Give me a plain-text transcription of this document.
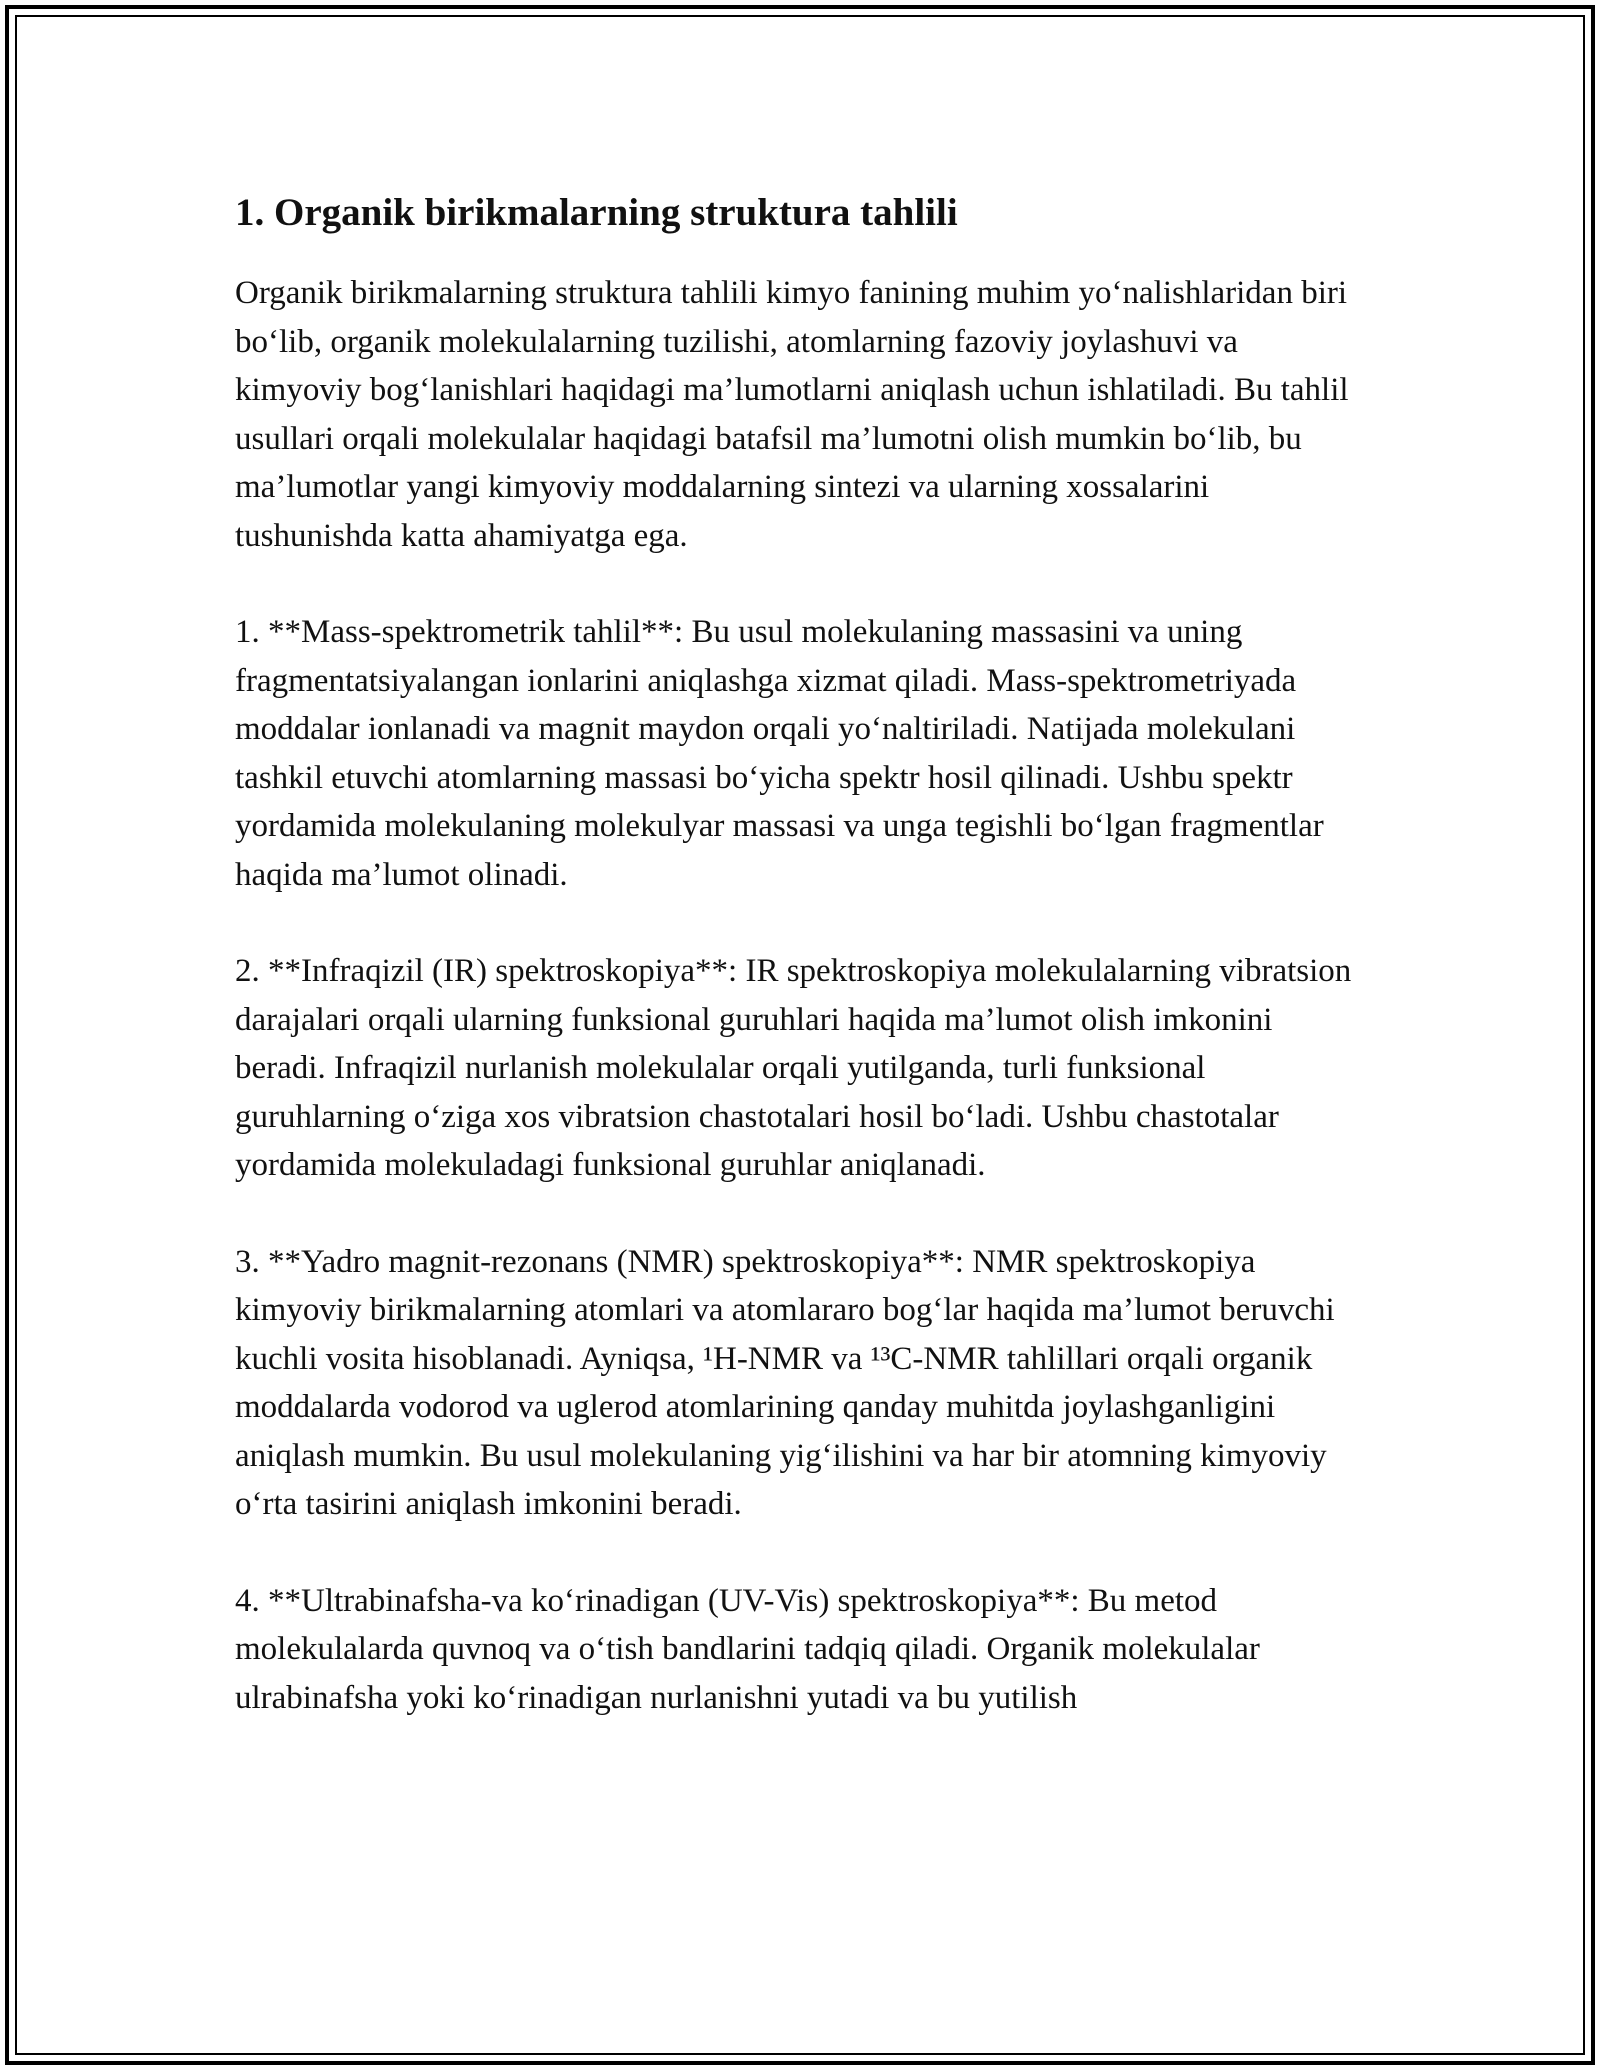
1. Organik birikmalarning struktura tahlili

Organik birikmalarning struktura tahlili kimyo fanining muhim yo‘nalishlaridan biri bo‘lib, organik molekulalarning tuzilishi, atomlarning fazoviy joylashuvi va kimyoviy bog‘lanishlari haqidagi ma’lumotlarni aniqlash uchun ishlatiladi. Bu tahlil usullari orqali molekulalar haqidagi batafsil ma’lumotni olish mumkin bo‘lib, bu ma’lumotlar yangi kimyoviy moddalarning sintezi va ularning xossalarini tushunishda katta ahamiyatga ega.

1. **Mass-spektrometrik tahlil**: Bu usul molekulaning massasini va uning fragmentatsiyalangan ionlarini aniqlashga xizmat qiladi. Mass-spektrometriyada moddalar ionlanadi va magnit maydon orqali yo‘naltiriladi. Natijada molekulani tashkil etuvchi atomlarning massasi bo‘yicha spektr hosil qilinadi. Ushbu spektr yordamida molekulaning molekulyar massasi va unga tegishli bo‘lgan fragmentlar haqida ma’lumot olinadi.

2. **Infraqizil (IR) spektroskopiya**: IR spektroskopiya molekulalarning vibratsion darajalari orqali ularning funksional guruhlari haqida ma’lumot olish imkonini beradi. Infraqizil nurlanish molekulalar orqali yutilganda, turli funksional guruhlarning o‘ziga xos vibratsion chastotalari hosil bo‘ladi. Ushbu chastotalar yordamida molekuladagi funksional guruhlar aniqlanadi.

3. **Yadro magnit-rezonans (NMR) spektroskopiya**: NMR spektroskopiya kimyoviy birikmalarning atomlari va atomlararo bog‘lar haqida ma’lumot beruvchi kuchli vosita hisoblanadi. Ayniqsa, ¹H-NMR va ¹³C-NMR tahlillari orqali organik moddalarda vodorod va uglerod atomlarining qanday muhitda joylashganligini aniqlash mumkin. Bu usul molekulaning yig‘ilishini va har bir atomning kimyoviy o‘rta tasirini aniqlash imkonini beradi.

4. **Ultrabinafsha-va ko‘rinadigan (UV-Vis) spektroskopiya**: Bu metod molekulalarda quvnoq va o‘tish bandlarini tadqiq qiladi. Organik molekulalar ulrabinafsha yoki ko‘rinadigan nurlanishni yutadi va bu yutilish
